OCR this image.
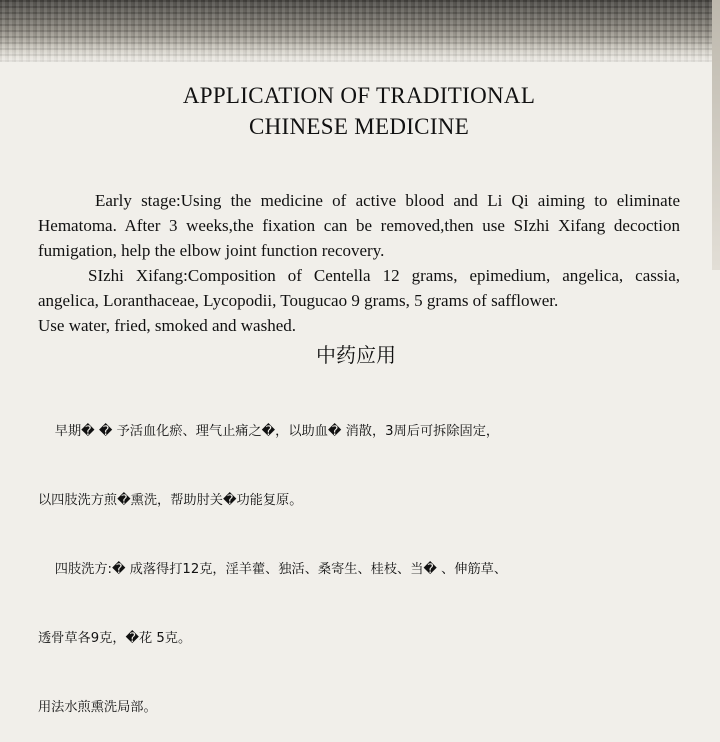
APPLICATION OF TRADITIONAL
CHINESE MEDICINE

Early stage:Using the medicine of active blood and Li Qi aiming to eliminate Hematoma. After 3 weeks,the fixation can be removed,then use SIzhi Xifang decoction fumigation, help the elbow joint function recovery.

SIzhi Xifang:Composition of Centella 12 grams, epimedium, angelica, cassia, angelica, Loranthaceae, Lycopodii, Tougucao 9 grams, 5 grams of safflower.

Use water, fried, smoked and washed.

中药应用

早期� � 予活血化瘀、理气止痛之�，以助血� 消散，3周后可拆除固定，

以四肢洗方煎�熏洗，帮助肘关�功能复原。

四肢洗方:� 成落得打12克，淫羊藿、独活、桑寄生、桂枝、当� 、伸筋草、

透骨草各9克，�花 5克。

用法水煎熏洗局部。
